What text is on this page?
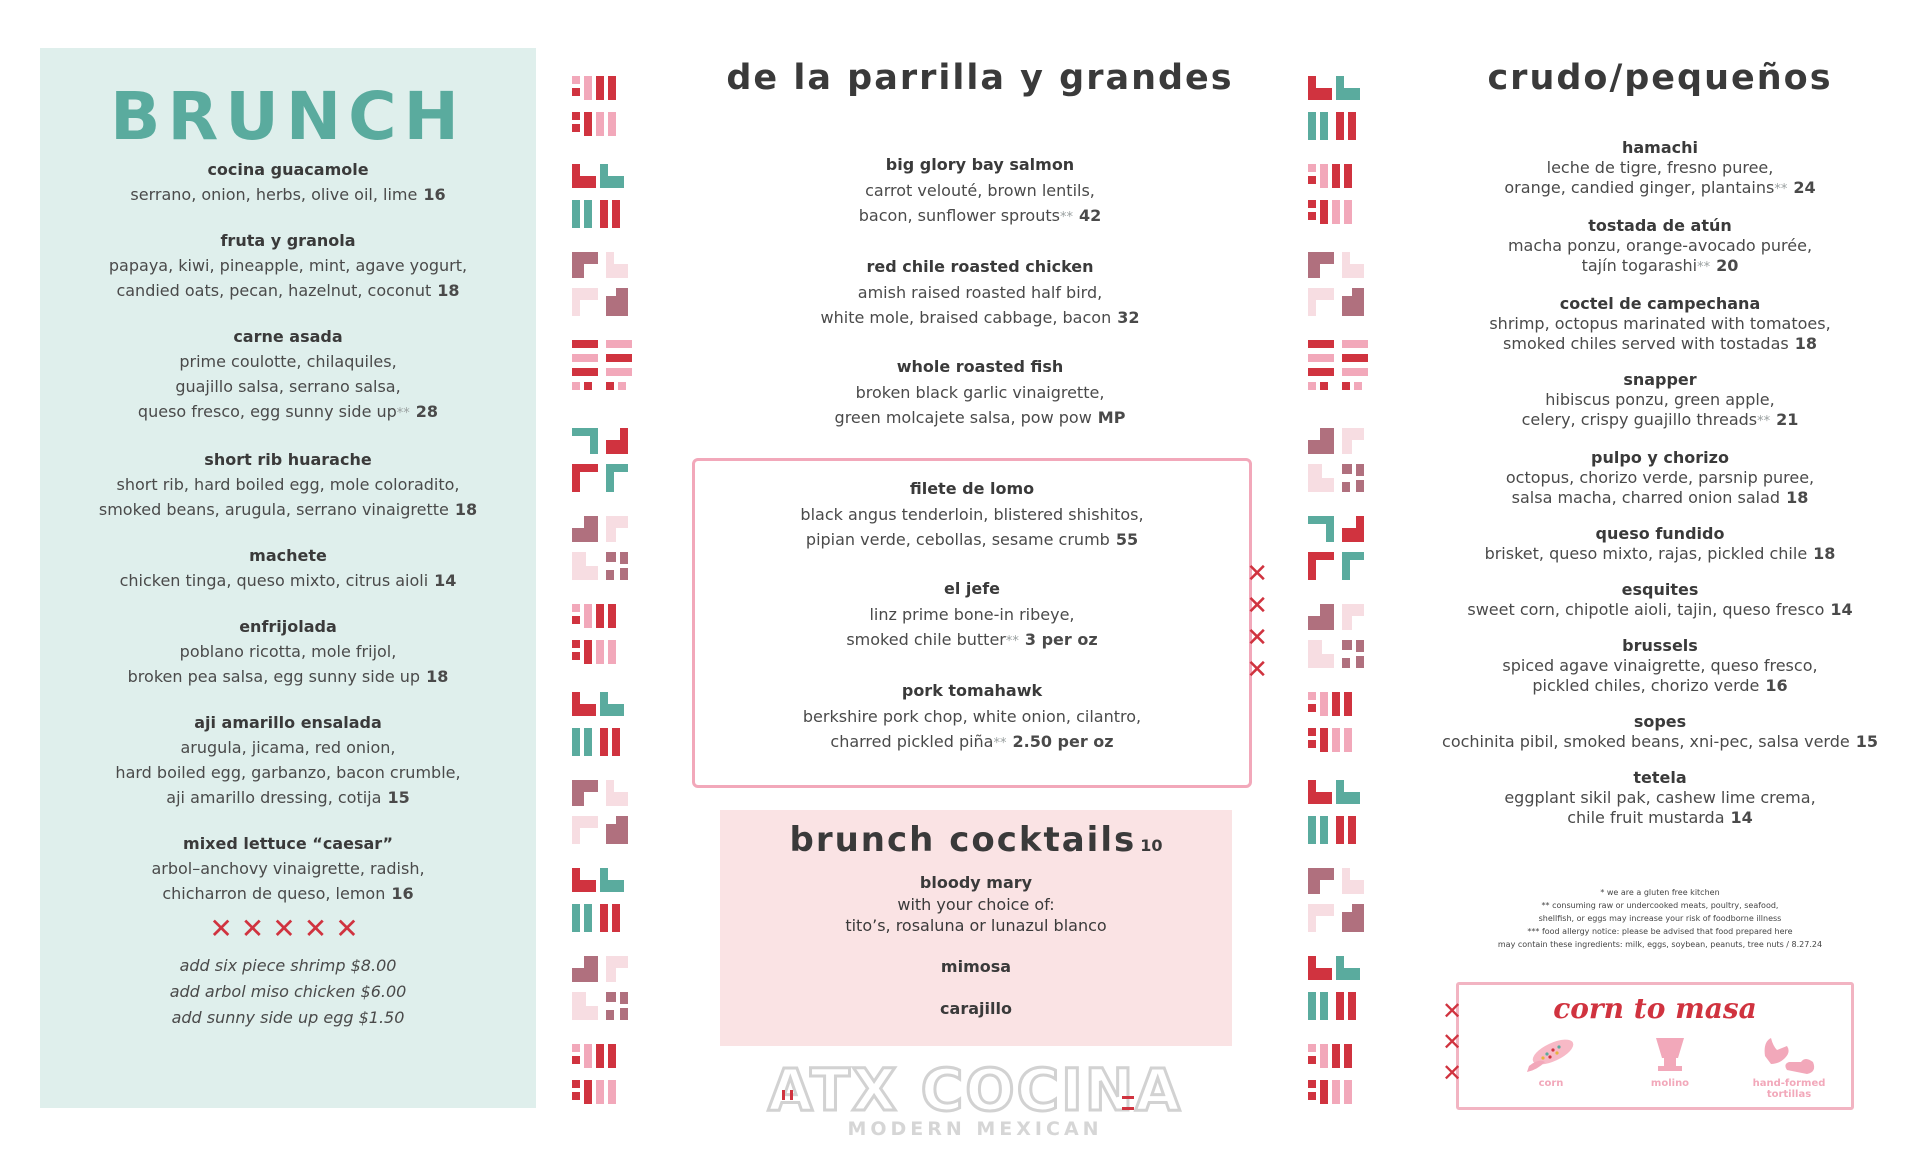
BRUNCH
cocina guacamole
serrano, onion, herbs, olive oil, lime 16
fruta y granola
papaya, kiwi, pineapple, mint, agave yogurt,
candied oats, pecan, hazelnut, coconut 18
carne asada
prime coulotte, chilaquiles,
guajillo salsa, serrano salsa,
queso fresco, egg sunny side up** 28
short rib huarache
short rib, hard boiled egg, mole coloradito,
smoked beans, arugula, serrano vinaigrette 18
machete
chicken tinga, queso mixto, citrus aioli 14
enfrijolada
poblano ricotta, mole frijol,
broken pea salsa, egg sunny side up 18
aji amarillo ensalada
arugula, jicama, red onion,
hard boiled egg, garbanzo, bacon crumble,
aji amarillo dressing, cotija 15
mixed lettuce “caesar”
arbol–anchovy vinaigrette, radish,
chicharron de queso, lemon 16
✕✕✕✕✕
add six piece shrimp $8.00
add arbol miso chicken $6.00
add sunny side up egg $1.50
de la parrilla y grandes
big glory bay salmon
carrot velouté, brown lentils,
bacon, sunflower sprouts** 42
red chile roasted chicken
amish raised roasted half bird,
white mole, braised cabbage, bacon 32
whole roasted fish
broken black garlic vinaigrette,
green molcajete salsa, pow pow MP
filete de lomo
black angus tenderloin, blistered shishitos,
pipian verde, cebollas, sesame crumb 55
el jefe
linz prime bone-in ribeye,
smoked chile butter** 3 per oz
pork tomahawk
berkshire pork chop, white onion, cilantro,
charred pickled piña** 2.50 per oz
✕
✕
✕
✕
brunch cocktails 10
bloody mary
with your choice of:
tito’s, rosaluna or lunazul blanco
mimosa
carajillo
ATX COCINA
MODERN MEXICAN
crudo/pequeños
hamachi
leche de tigre, fresno puree,
orange, candied ginger, plantains** 24
tostada de atún
macha ponzu, orange-avocado purée,
tajín togarashi** 20
coctel de campechana
shrimp, octopus marinated with tomatoes,
smoked chiles served with tostadas 18
snapper
hibiscus ponzu, green apple,
celery, crispy guajillo threads** 21
pulpo y chorizo
octopus, chorizo verde, parsnip puree,
salsa macha, charred onion salad 18
queso fundido
brisket, queso mixto, rajas, pickled chile 18
esquites
sweet corn, chipotle aioli, tajin, queso fresco 14
brussels
spiced agave vinaigrette, queso fresco,
pickled chiles, chorizo verde 16
sopes
cochinita pibil, smoked beans, xni-pec, salsa verde 15
tetela
eggplant sikil pak, cashew lime crema,
chile fruit mustarda 14
* we are a gluten free kitchen
** consuming raw or undercooked meats, poultry, seafood,
shellfish, or eggs may increase your risk of foodborne illness
*** food allergy notice: please be advised that food prepared here
may contain these ingredients: milk, eggs, soybean, peanuts, tree nuts / 8.27.24
✕
✕
✕
corn to masa
corn	molino	hand-formed
tortillas
